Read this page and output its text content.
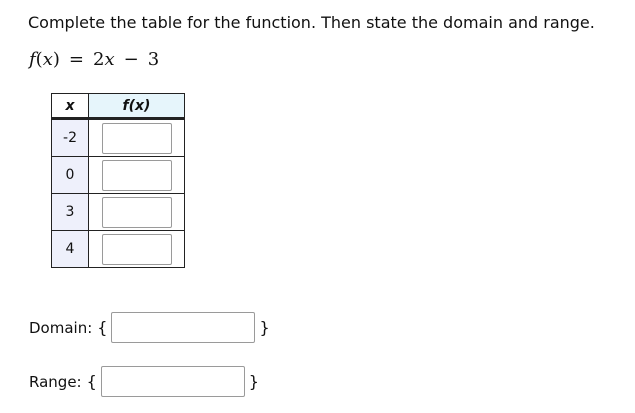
Complete the table for the function. Then state the domain and range.
f(x) = 2x − 3
x	f(x)
-2	

0	

3	

4	
Domain: {	}
Range: {	}
